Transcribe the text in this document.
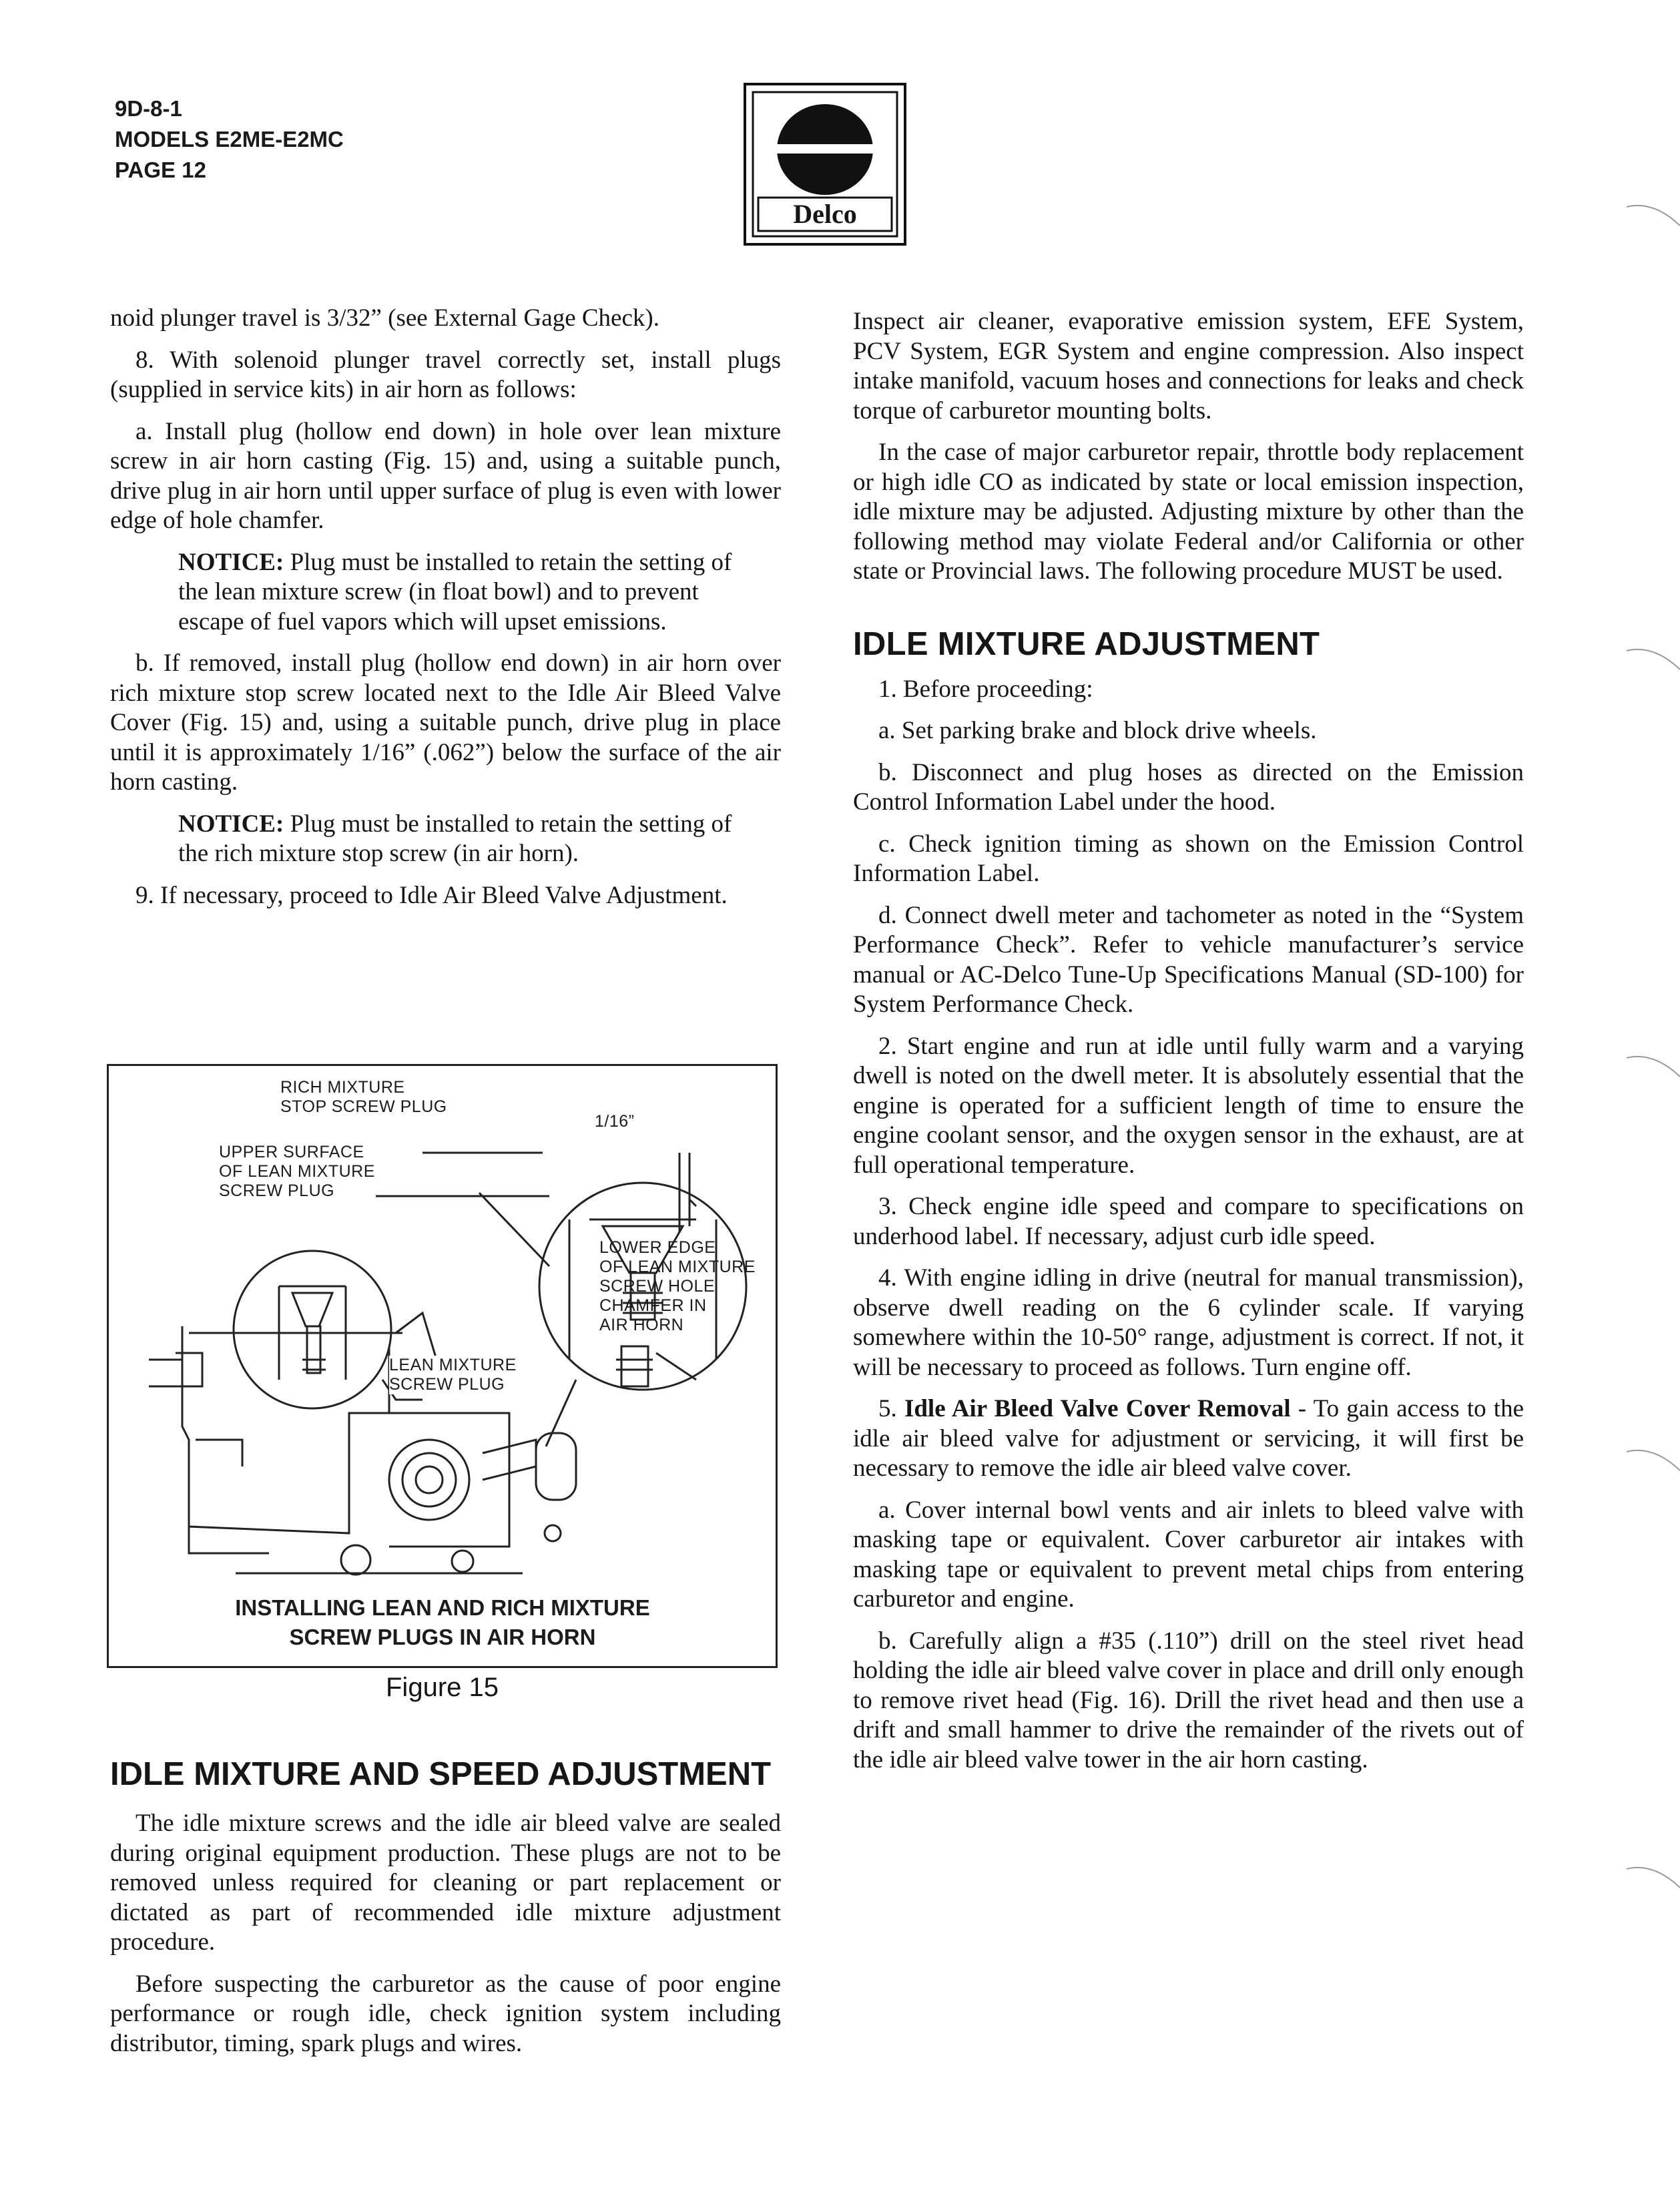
9D-8-1
MODELS E2ME-E2MC
PAGE 12
Delco

noid plunger travel is 3/32” (see External Gage Check).

8. With solenoid plunger travel correctly set, install plugs (supplied in service kits) in air horn as follows:

a. Install plug (hollow end down) in hole over lean mixture screw in air horn casting (Fig. 15) and, using a suitable punch, drive plug in air horn until upper surface of plug is even with lower edge of hole chamfer.

NOTICE: Plug must be installed to retain the setting of the lean mixture screw (in float bowl) and to prevent escape of fuel vapors which will upset emissions.

b. If removed, install plug (hollow end down) in air horn over rich mixture stop screw located next to the Idle Air Bleed Valve Cover (Fig. 15) and, using a suitable punch, drive plug in place until it is approximately 1/16” (.062”) below the surface of the air horn casting.

NOTICE: Plug must be installed to retain the setting of the rich mixture stop screw (in air horn).

9. If necessary, proceed to Idle Air Bleed Valve Adjustment.

RICH MIXTURE
STOP SCREW PLUG
1/16”
UPPER SURFACE
OF LEAN MIXTURE
SCREW PLUG
LOWER EDGE
OF LEAN MIXTURE
SCREW HOLE
CHAMFER IN
AIR HORN
LEAN MIXTURE
SCREW PLUG
INSTALLING LEAN AND RICH MIXTURE
SCREW PLUGS IN AIR HORN
Figure 15
IDLE MIXTURE AND SPEED ADJUSTMENT

The idle mixture screws and the idle air bleed valve are sealed during original equipment production. These plugs are not to be removed unless required for cleaning or part replacement or dictated as part of recommended idle mixture adjustment procedure.

Before suspecting the carburetor as the cause of poor engine performance or rough idle, check ignition system including distributor, timing, spark plugs and wires.

Inspect air cleaner, evaporative emission system, EFE System, PCV System, EGR System and engine compression. Also inspect intake manifold, vacuum hoses and connections for leaks and check torque of carburetor mounting bolts.

In the case of major carburetor repair, throttle body replacement or high idle CO as indicated by state or local emission inspection, idle mixture may be adjusted. Adjusting mixture by other than the following method may violate Federal and/or California or other state or Provincial laws. The following procedure MUST be used.

IDLE MIXTURE ADJUSTMENT

1. Before proceeding:

a. Set parking brake and block drive wheels.

b. Disconnect and plug hoses as directed on the Emission Control Information Label under the hood.

c. Check ignition timing as shown on the Emission Control Information Label.

d. Connect dwell meter and tachometer as noted in the “System Performance Check”. Refer to vehicle manufacturer’s service manual or AC-Delco Tune-Up Specifications Manual (SD-100) for System Performance Check.

2. Start engine and run at idle until fully warm and a varying dwell is noted on the dwell meter. It is absolutely essential that the engine is operated for a sufficient length of time to ensure the engine coolant sensor, and the oxygen sensor in the exhaust, are at full operational temperature.

3. Check engine idle speed and compare to specifications on underhood label. If necessary, adjust curb idle speed.

4. With engine idling in drive (neutral for manual transmission), observe dwell reading on the 6 cylinder scale. If varying somewhere within the 10-50° range, adjustment is correct. If not, it will be necessary to proceed as follows. Turn engine off.

5. Idle Air Bleed Valve Cover Removal - To gain access to the idle air bleed valve for adjustment or servicing, it will first be necessary to remove the idle air bleed valve cover.

a. Cover internal bowl vents and air inlets to bleed valve with masking tape or equivalent. Cover carburetor air intakes with masking tape or equivalent to prevent metal chips from entering carburetor and engine.

b. Carefully align a #35 (.110”) drill on the steel rivet head holding the idle air bleed valve cover in place and drill only enough to remove rivet head (Fig. 16). Drill the rivet head and then use a drift and small hammer to drive the remainder of the rivets out of the idle air bleed valve tower in the air horn casting.
